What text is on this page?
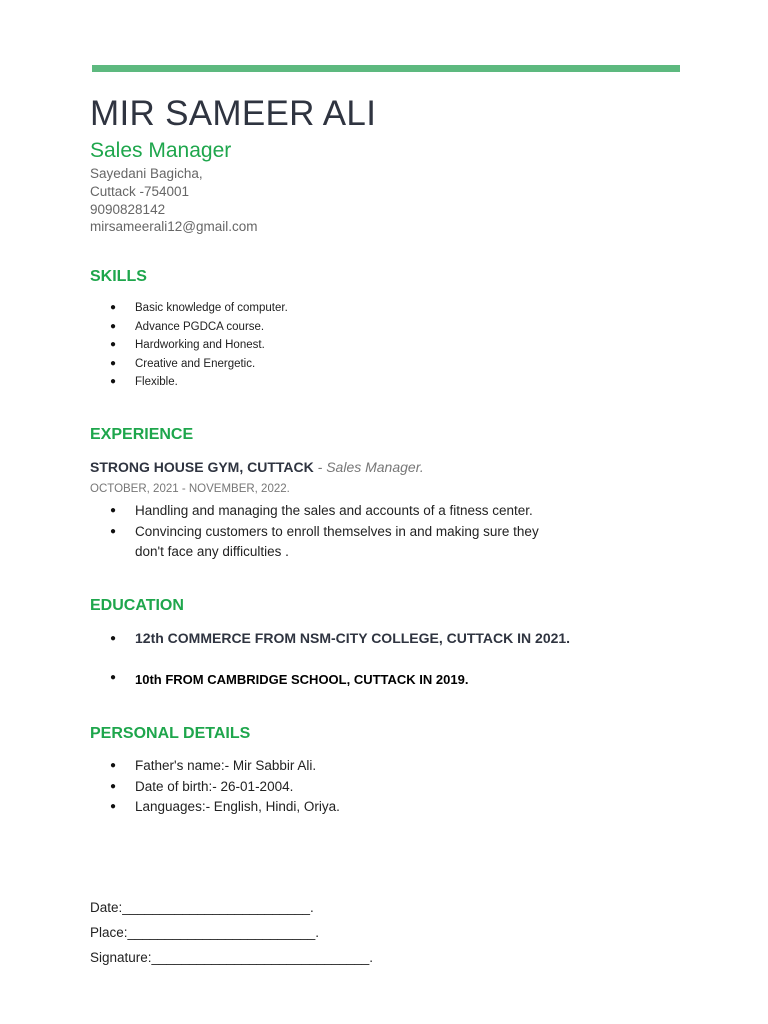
MIR SAMEER ALI
Sales Manager
Sayedani Bagicha,
Cuttack -754001
9090828142
mirsameerali12@gmail.com
SKILLS
● Basic knowledge of computer.
● Advance PGDCA course.
● Hardworking and Honest.
● Creative and Energetic.
● Flexible.
EXPERIENCE
STRONG HOUSE GYM, CUTTACK - Sales Manager.
OCTOBER, 2021 - NOVEMBER, 2022.
● Handling and managing the sales and accounts of a fitness center.
● Convincing customers to enroll themselves in and making sure they don't face any difficulties .
EDUCATION
● 12th COMMERCE FROM NSM-CITY COLLEGE, CUTTACK IN 2021.
● 10th FROM CAMBRIDGE SCHOOL, CUTTACK IN 2019.
PERSONAL DETAILS
● Father's name:- Mir Sabbir Ali.
● Date of birth:- 26-01-2004.
● Languages:- English, Hindi, Oriya.
Date:_________________________.
Place:_________________________.
Signature:_____________________________.
